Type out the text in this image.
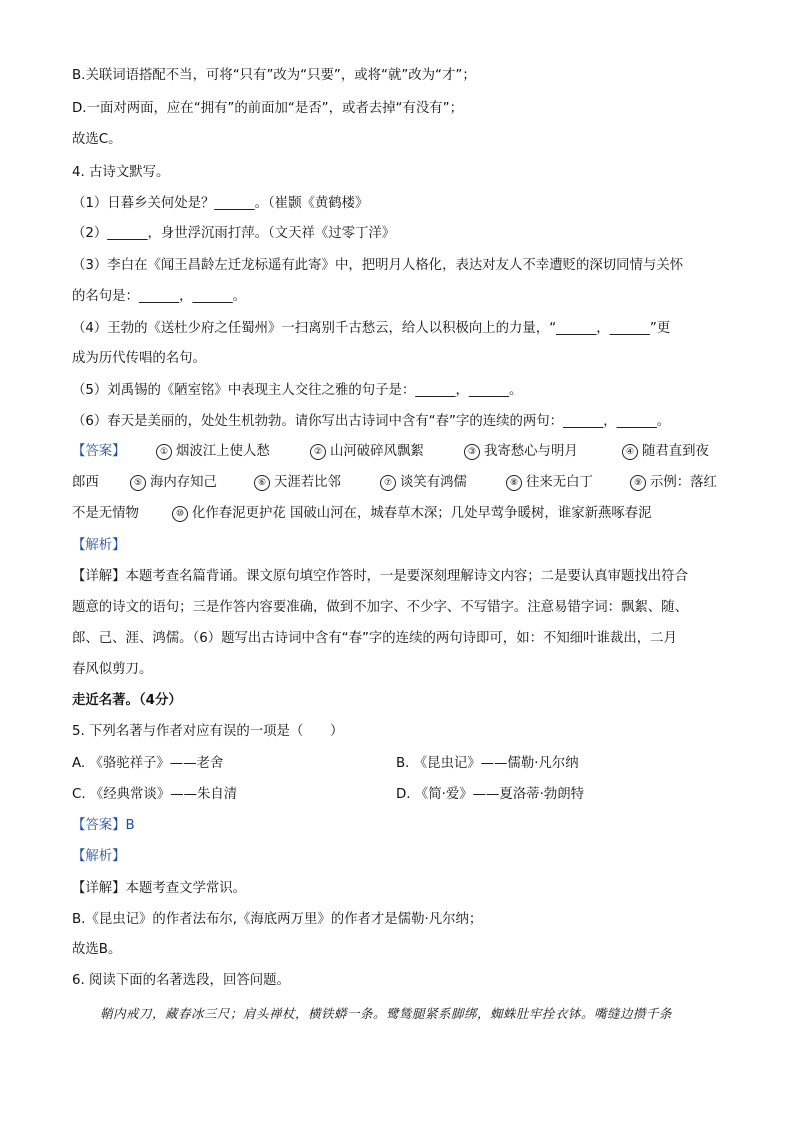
B.关联词语搭配不当，可将“只有”改为“只要”，或将“就”改为“才”；
D.一面对两面，应在“拥有”的前面加“是否”，或者去掉“有没有”；
故选C。
4. 古诗文默写。
（1）日暮乡关何处是？______。（崔颢《黄鹤楼》
（2）______，身世浮沉雨打萍。（文天祥《过零丁洋》
（3）李白在《闻王昌龄左迁龙标遥有此寄》中，把明月人格化，表达对友人不幸遭贬的深切同情与关怀
的名句是：______，______。
（4）王勃的《送杜少府之任蜀州》一扫离别千古愁云，给人以积极向上的力量，“______，______”更
成为历代传唱的名句。
（5）刘禹锡的《陋室铭》中表现主人交往之雅的句子是：______，______。
（6）春天是美丽的，处处生机勃勃。请你写出古诗词中含有“春”字的连续的两句：______，______。
【答案】	① 烟波江上使人愁	② 山河破碎风飘絮	③ 我寄愁心与明月	④ 随君直到夜
郎西	⑤ 海内存知己	⑥ 天涯若比邻	⑦ 谈笑有鸿儒	⑧ 往来无白丁	⑨ 示例：落红
不是无情物	⑩ 化作春泥更护花 国破山河在，城春草木深；几处早莺争暖树，谁家新燕啄春泥
【解析】
【详解】本题考查名篇背诵。课文原句填空作答时，一是要深刻理解诗文内容；二是要认真审题找出符合
题意的诗文的语句；三是作答内容要准确，做到不加字、不少字、不写错字。注意易错字词：飘絮、随、
郎、己、涯、鸿儒。（6）题写出古诗词中含有“春”字的连续的两句诗即可，如：不知细叶谁裁出，二月
春风似剪刀。
走近名著。（4分）
5. 下列名著与作者对应有误的一项是（　　）
A. 《骆驼祥子》——老舍	B. 《昆虫记》——儒勒·凡尔纳
C. 《经典常谈》——朱自清	D. 《简·爱》——夏洛蒂·勃朗特
【答案】B
【解析】
【详解】本题考查文学常识。
B.《昆虫记》的作者法布尔,《海底两万里》的作者才是儒勒·凡尔纳；
故选B。
6. 阅读下面的名著选段，回答问题。
鞘内戒刀，藏春冰三尺；肩头禅杖，横铁蟒一条。鹭鸶腿紧系脚绑，蜘蛛肚牢拴衣钵。嘴缝边攒千条
